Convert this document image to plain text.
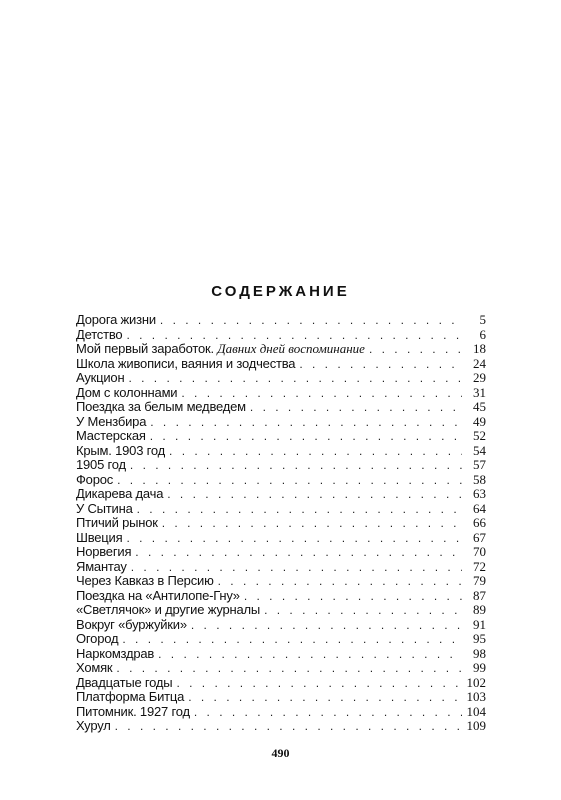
СОДЕРЖАНИЕ
Дорога жизни . . .	5
Детство . . .	6
Мой первый заработок. Давних дней воспоминание . . .	18
Школа живописи, ваяния и зодчества . . .	24
Аукцион . . .	29
Дом с колоннами . . .	31
Поездка за белым медведем . . .	45
У Мензбира . . .	49
Мастерская . . .	52
Крым. 1903 год . . .	54
1905 год . . .	57
Форос . . .	58
Дикарева дача . . .	63
У Сытина . . .	64
Птичий рынок . . .	66
Швеция . . .	67
Норвегия . . .	70
Ямантау . . .	72
Через Кавказ в Персию . . .	79
Поездка на «Антилопе-Гну» . . .	87
«Светлячок» и другие журналы . . .	89
Вокруг «буржуйки» . . .	91
Огород . . .	95
Наркомздрав . . .	98
Хомяк . . .	99
Двадцатые годы . . .	102
Платформа Битца . . .	103
Питомник. 1927 год . . .	104
Хурул . . .	109
490
